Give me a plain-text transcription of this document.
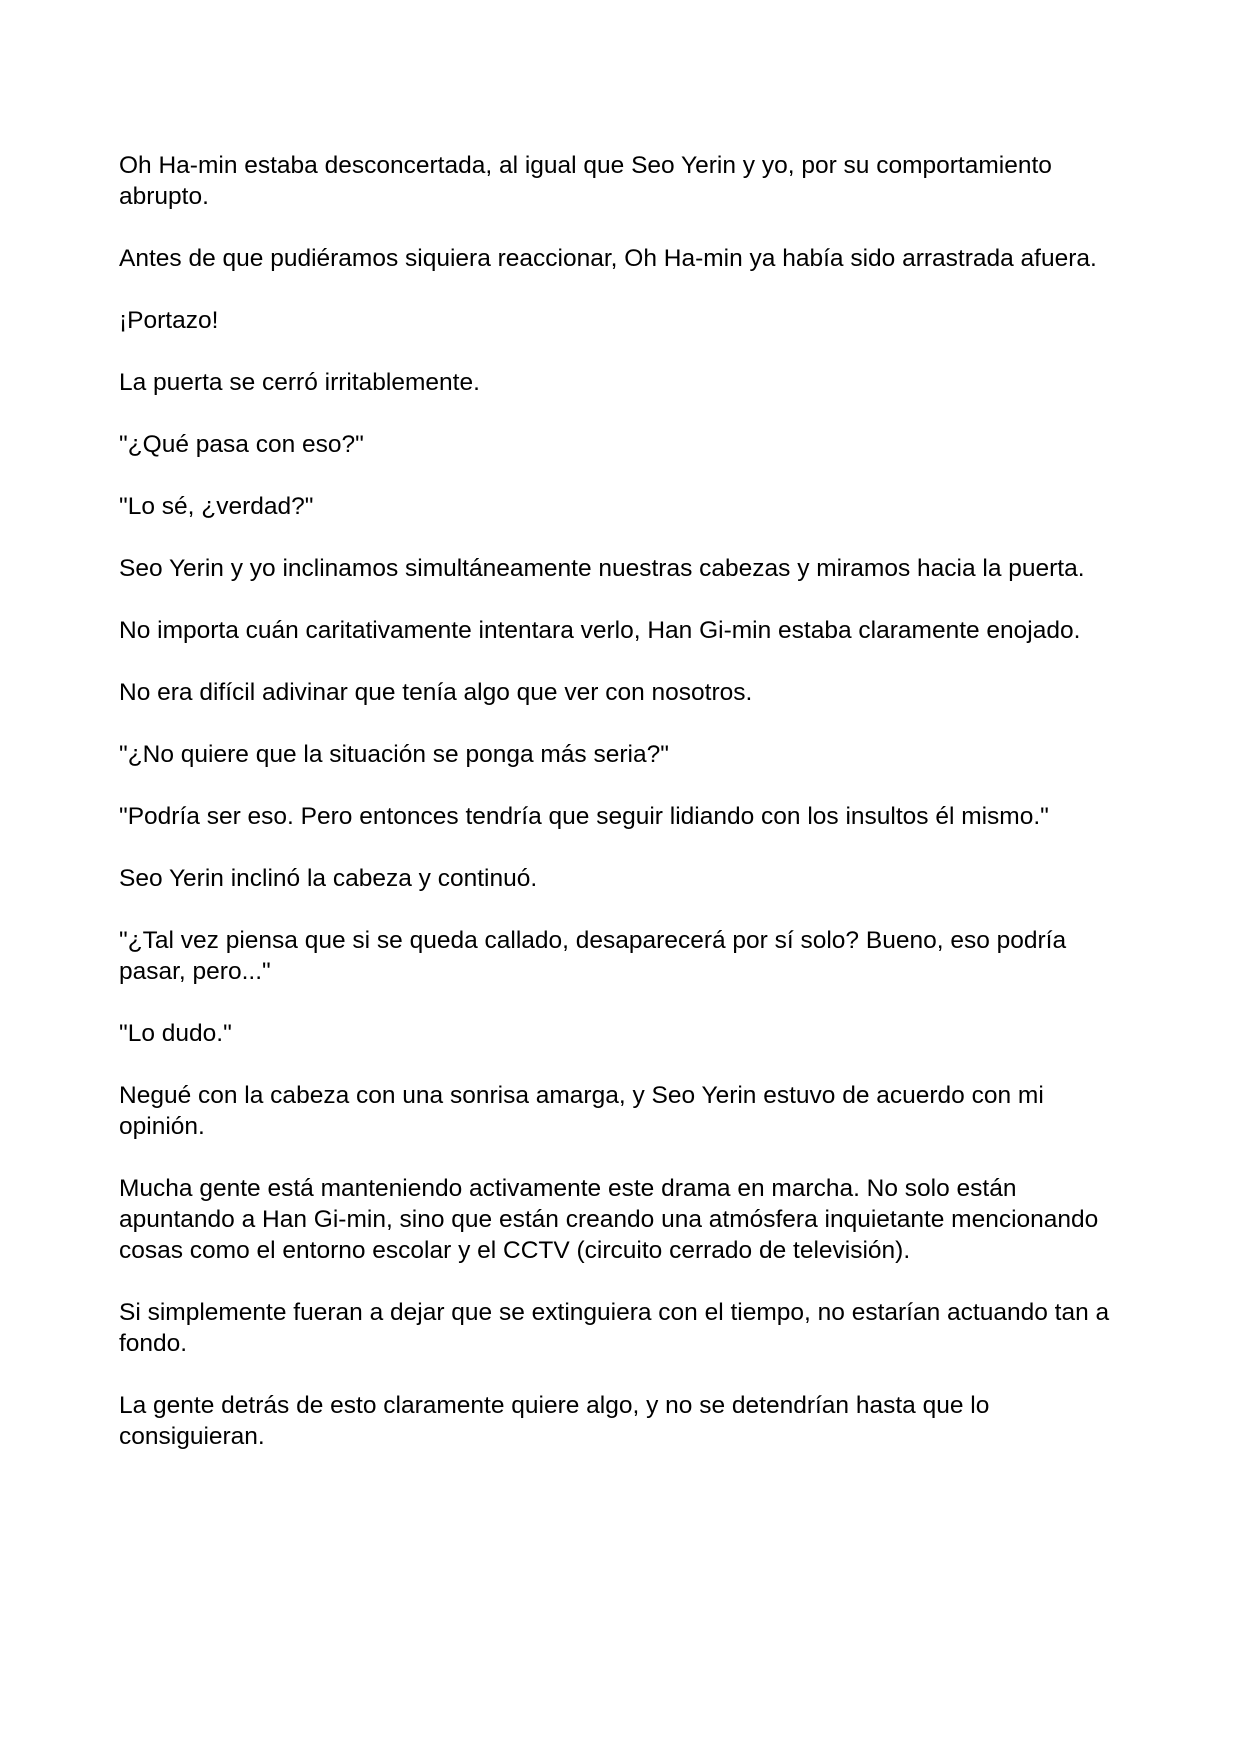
Oh Ha-min estaba desconcertada, al igual que Seo Yerin y yo, por su comportamiento abrupto.

Antes de que pudiéramos siquiera reaccionar, Oh Ha-min ya había sido arrastrada afuera.

¡Portazo!

La puerta se cerró irritablemente.

"¿Qué pasa con eso?"

"Lo sé, ¿verdad?"

Seo Yerin y yo inclinamos simultáneamente nuestras cabezas y miramos hacia la puerta.

No importa cuán caritativamente intentara verlo, Han Gi-min estaba claramente enojado.

No era difícil adivinar que tenía algo que ver con nosotros.

"¿No quiere que la situación se ponga más seria?"

"Podría ser eso. Pero entonces tendría que seguir lidiando con los insultos él mismo."

Seo Yerin inclinó la cabeza y continuó.

"¿Tal vez piensa que si se queda callado, desaparecerá por sí solo? Bueno, eso podría pasar, pero..."

"Lo dudo."

Negué con la cabeza con una sonrisa amarga, y Seo Yerin estuvo de acuerdo con mi opinión.

Mucha gente está manteniendo activamente este drama en marcha. No solo están apuntando a Han Gi-min, sino que están creando una atmósfera inquietante mencionando cosas como el entorno escolar y el CCTV (circuito cerrado de televisión).

Si simplemente fueran a dejar que se extinguiera con el tiempo, no estarían actuando tan a fondo.

La gente detrás de esto claramente quiere algo, y no se detendrían hasta que lo consiguieran.
